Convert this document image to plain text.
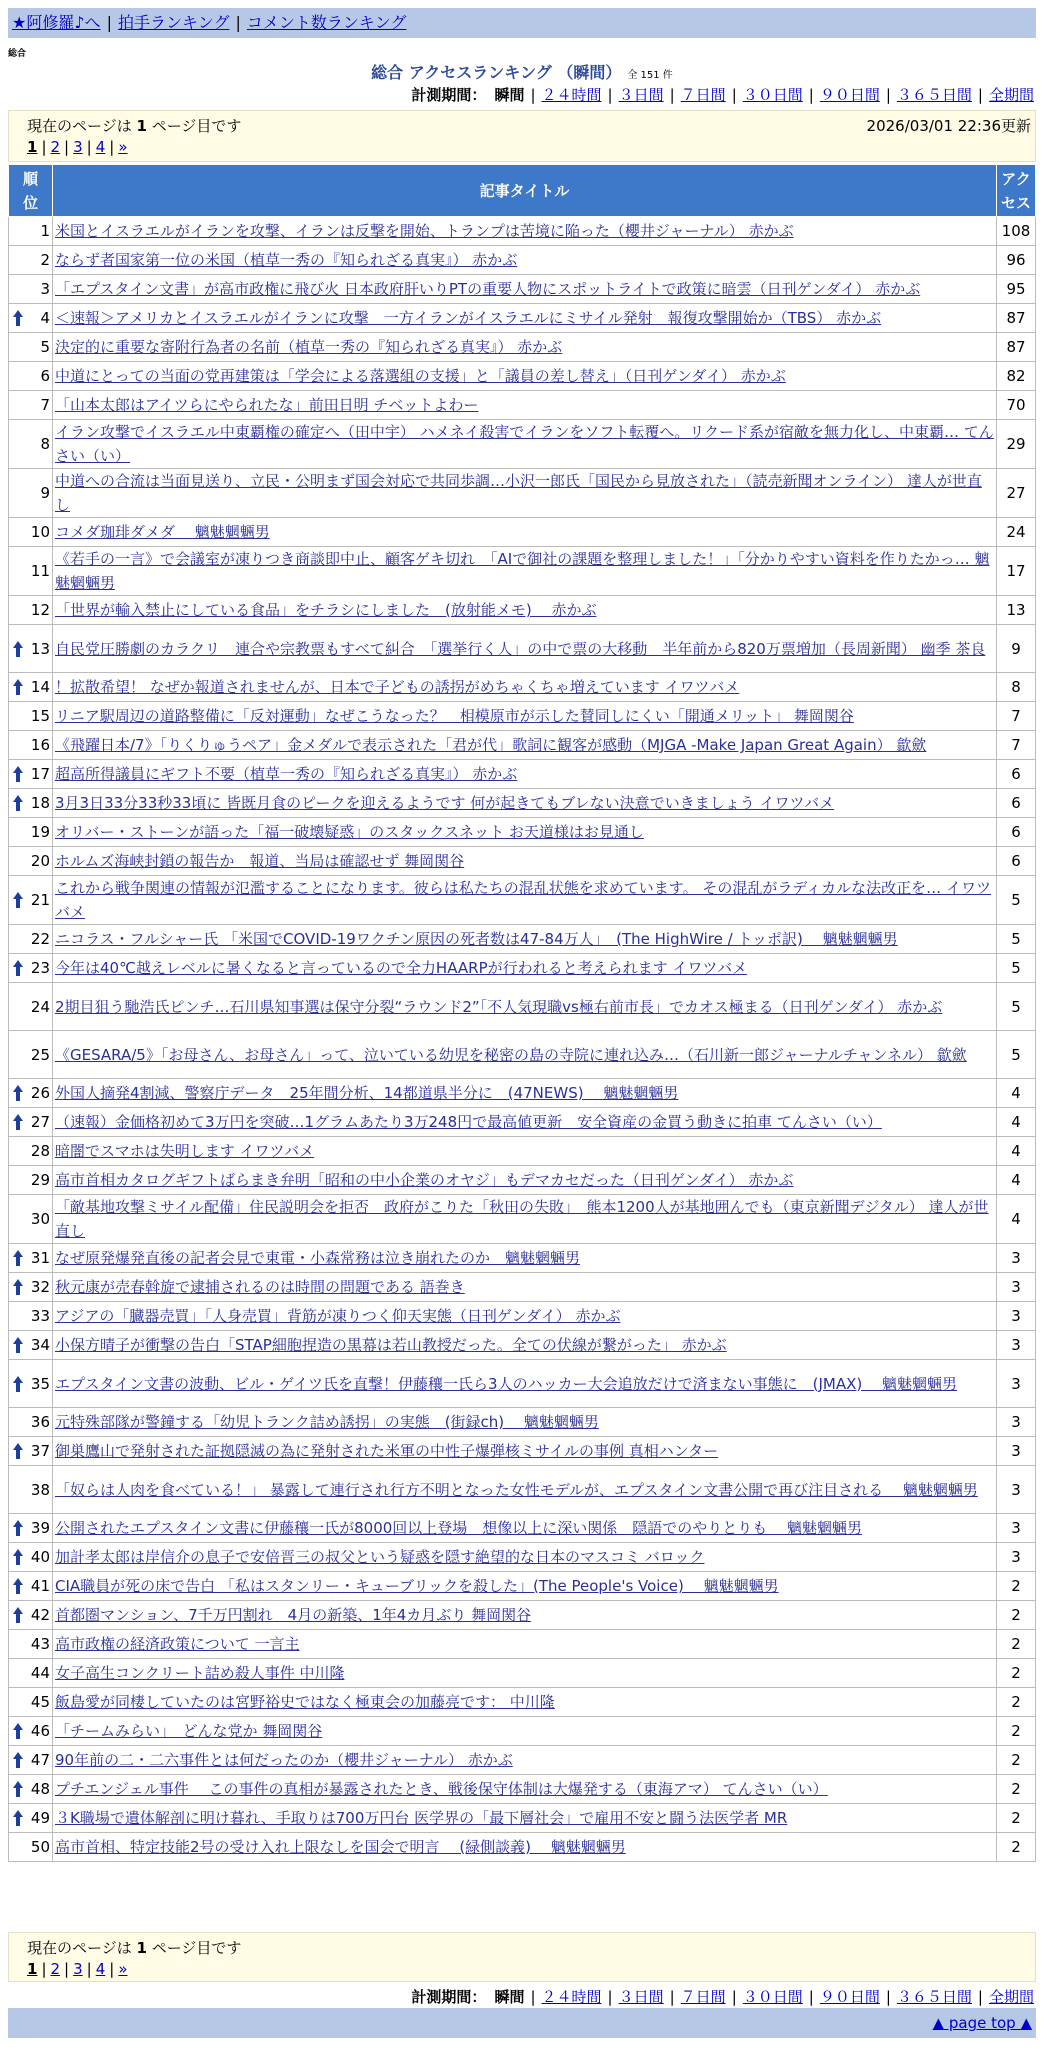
★阿修羅♪へ | 拍手ランキング | コメント数ランキング
総合
総合 アクセスランキング （瞬間） 全 151 件
計測期間： 瞬間 | ２４時間 | ３日間 | ７日間 | ３０日間 | ９０日間 | ３６５日間 | 全期間
現在のページは 1 ページ目です	2026/03/01 22:36更新
1 | 2 | 3 | 4 | »
順位	記事タイトル	アクセス
1	米国とイスラエルがイランを攻撃、イランは反撃を開始、トランプは苦境に陥った（櫻井ジャーナル） 赤かぶ	108
2	ならず者国家第一位の米国（植草一秀の『知られざる真実』） 赤かぶ	96
3	「エプスタイン文書」が高市政権に飛び火 日本政府肝いりPTの重要人物にスポットライトで政策に暗雲（日刊ゲンダイ） 赤かぶ	95

4	＜速報＞アメリカとイスラエルがイランに攻撃　一方イランがイスラエルにミサイル発射　報復攻撃開始か（TBS） 赤かぶ	87
5	決定的に重要な寄附行為者の名前（植草一秀の『知られざる真実』） 赤かぶ	87
6	中道にとっての当面の党再建策は「学会による落選組の支援」と「議員の差し替え」（日刊ゲンダイ） 赤かぶ	82
7	「山本太郎はアイツらにやられたな」前田日明 チベットよわー	70
8	イラン攻撃でイスラエル中東覇権の確定へ（田中宇） ハメネイ殺害でイランをソフト転覆へ。リクード系が宿敵を無力化し、中東覇… てんさい（い）	29
9	中道への合流は当面見送り、立民・公明まず国会対応で共同歩調…小沢一郎氏「国民から見放された」（読売新聞オンライン） 達人が世直し	27
10	コメダ珈琲ダメダ　 魑魅魍魎男	24
11	《若手の一言》で会議室が凍りつき商談即中止、顧客ゲキ切れ　「AIで御社の課題を整理しました！」「分かりやすい資料を作りたかっ… 魑魅魍魎男	17
12	「世界が輸入禁止にしている食品」をチラシにしました　(放射能メモ)　 赤かぶ	13

13	自民党圧勝劇のカラクリ　連合や宗教票もすべて糾合　「選挙行く人」の中で票の大移動　半年前から820万票増加（長周新聞） 幽季 茶良	9

14	！拡散希望！ なぜか報道されませんが、日本で子どもの誘拐がめちゃくちゃ増えています イワツバメ	8
15	リニア駅周辺の道路整備に「反対運動」なぜこうなった？　相模原市が示した賛同しにくい「開通メリット」 舞岡関谷	7
16	《飛躍日本/7》「りくりゅうペア」金メダルで表示された「君が代」歌詞に観客が感動（MJGA -Make Japan Great Again） 歙歛	7

17	超高所得議員にギフト不要（植草一秀の『知られざる真実』） 赤かぶ	6

18	3月3日33分33秒33頃に 皆既月食のピークを迎えるようです 何が起きてもブレない決意でいきましょう イワツバメ	6
19	オリバー・ストーンが語った「福一破壊疑惑」のスタックスネット お天道様はお見通し	6
20	ホルムズ海峡封鎖の報告か　報道、当局は確認せず 舞岡関谷	6

21	これから戦争関連の情報が氾濫することになります。彼らは私たちの混乱状態を求めています。 その混乱がラディカルな法改正を… イワツバメ	5
22	ニコラス・フルシャー氏 「米国でCOVID-19ワクチン原因の死者数は47-84万人」　(The HighWire / トッポ訳)　 魑魅魍魎男	5

23	今年は40℃越えレベルに暑くなると言っているので全力HAARPが行われると考えられます イワツバメ	5
24	2期目狙う馳浩氏ピンチ…石川県知事選は保守分裂“ラウンド2”「不人気現職vs極右前市長」でカオス極まる（日刊ゲンダイ） 赤かぶ	5
25	《GESARA/5》「お母さん、お母さん」って、泣いている幼児を秘密の島の寺院に連れ込み…（石川新一郎ジャーナルチャンネル） 歙歛	5

26	外国人摘発4割減、警察庁データ　25年間分析、14都道県半分に　(47NEWS)　 魑魅魍魎男	4

27	（速報）金価格初めて3万円を突破…1グラムあたり3万248円で最高値更新　安全資産の金買う動きに拍車 てんさい（い）	4
28	暗闇でスマホは失明します イワツバメ	4
29	高市首相カタログギフトばらまき弁明「昭和の中小企業のオヤジ」もデマカセだった（日刊ゲンダイ） 赤かぶ	4
30	「敵基地攻撃ミサイル配備」住民説明会を拒否　政府がこりた「秋田の失敗」　熊本1200人が基地囲んでも（東京新聞デジタル） 達人が世直し	4

31	なぜ原発爆発直後の記者会見で東電・小森常務は泣き崩れたのか　魑魅魍魎男	3

32	秋元康が売春斡旋で逮捕されるのは時間の問題である 語巻き	3
33	アジアの「臓器売買」「人身売買」背筋が凍りつく仰天実態（日刊ゲンダイ） 赤かぶ	3

34	小保方晴子が衝撃の告白「STAP細胞捏造の黒幕は若山教授だった。全ての伏線が繋がった」 赤かぶ	3

35	エプスタイン文書の波動、ビル・ゲイツ氏を直撃！伊藤穰一氏ら3人のハッカー大会追放だけで済まない事態に　(JMAX)　 魑魅魍魎男	3
36	元特殊部隊が警鐘する「幼児トランク詰め誘拐」の実態　(街録ch)　 魑魅魍魎男	3

37	御巣鷹山で発射された証拠隠滅の為に発射された米軍の中性子爆弾核ミサイルの事例 真相ハンター	3
38	「奴らは人肉を食べている！」 暴露して連行され行方不明となった女性モデルが、エプスタイン文書公開で再び注目される　 魑魅魍魎男	3

39	公開されたエプスタイン文書に伊藤穰一氏が8000回以上登場　想像以上に深い関係　隠語でのやりとりも　 魑魅魍魎男	3

40	加計孝太郎は岸信介の息子で安倍晋三の叔父という疑惑を隠す絶望的な日本のマスコミ バロック	3

41	CIA職員が死の床で告白 「私はスタンリー・キューブリックを殺した」(The People's Voice)　 魑魅魍魎男	2

42	首都圏マンション、7千万円割れ　4月の新築、1年4カ月ぶり 舞岡関谷	2
43	高市政権の経済政策について 一言主	2
44	女子高生コンクリート詰め殺人事件 中川隆	2
45	飯島愛が同棲していたのは宮野裕史ではなく極東会の加藤亮です： 中川隆	2

46	「チームみらい」　どんな党か 舞岡関谷	2

47	90年前の二・二六事件とは何だったのか（櫻井ジャーナル） 赤かぶ	2

48	プチエンジェル事件　 この事件の真相が暴露されたとき、戦後保守体制は大爆発する（東海アマ） てんさい（い）	2

49	３K職場で遺体解剖に明け暮れ、手取りは700万円台 医学界の「最下層社会」で雇用不安と闘う法医学者 MR	2
50	高市首相、特定技能2号の受け入れ上限なしを国会で明言　 (緑側談義)　 魑魅魍魎男	2
現在のページは 1 ページ目です
1 | 2 | 3 | 4 | »
計測期間： 瞬間 | ２４時間 | ３日間 | ７日間 | ３０日間 | ９０日間 | ３６５日間 | 全期間
▲ page top ▲
